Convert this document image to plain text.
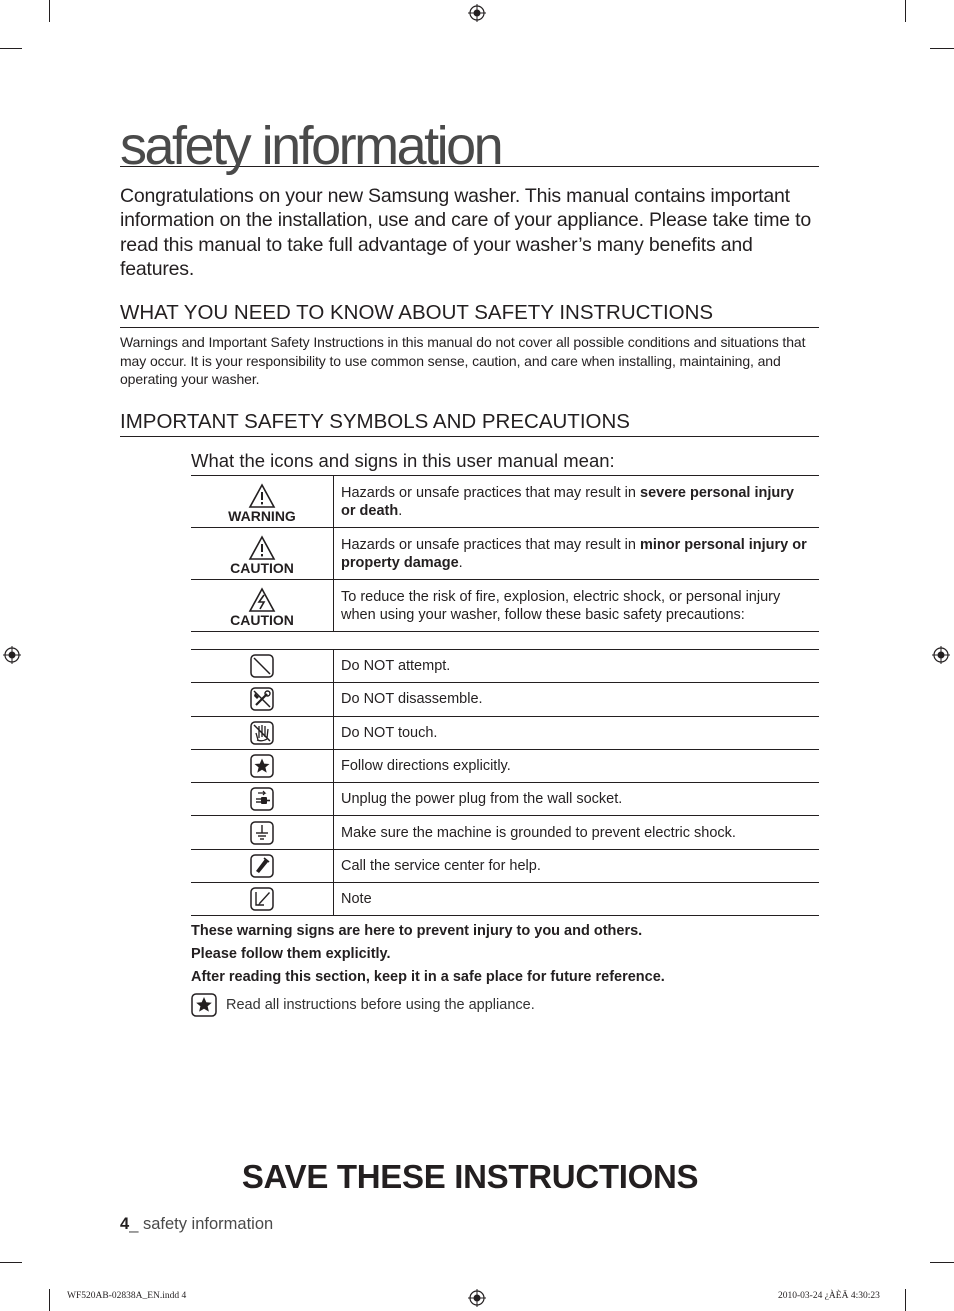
safety information
Congratulations on your new Samsung washer. This manual contains important information on the installation, use and care of your appliance. Please take time to read this manual to take full advantage of your washer’s many benefits and features.
WHAT YOU NEED TO KNOW ABOUT SAFETY INSTRUCTIONS
Warnings and Important Safety Instructions in this manual do not cover all possible conditions and situations that may occur. It is your responsibility to use common sense, caution, and care when installing, maintaining, and operating your washer.
IMPORTANT SAFETY SYMBOLS AND PRECAUTIONS
What the icons and signs in this user manual mean:
WARNING	Hazards or unsafe practices that may result in severe personal injury or death.

CAUTION	Hazards or unsafe practices that may result in minor personal injury or property damage.

CAUTION	To reduce the risk of fire, explosion, electric shock, or personal injury when using your washer, follow these basic safety precautions:
	Do NOT attempt.

	Do NOT disassemble.

	Do NOT touch.

	Follow directions explicitly.

	Unplug the power plug from the wall socket.

	Make sure the machine is grounded to prevent electric shock.

	Call the service center for help.

	Note
These warning signs are here to prevent injury to you and others.
Please follow them explicitly.
After reading this section, keep it in a safe place for future reference.
Read all instructions before using the appliance.
SAVE THESE INSTRUCTIONS
4_ safety information
WF520AB-02838A_EN.indd 4	2010-03-24 ¿ÀÈÄ 4:30:23
